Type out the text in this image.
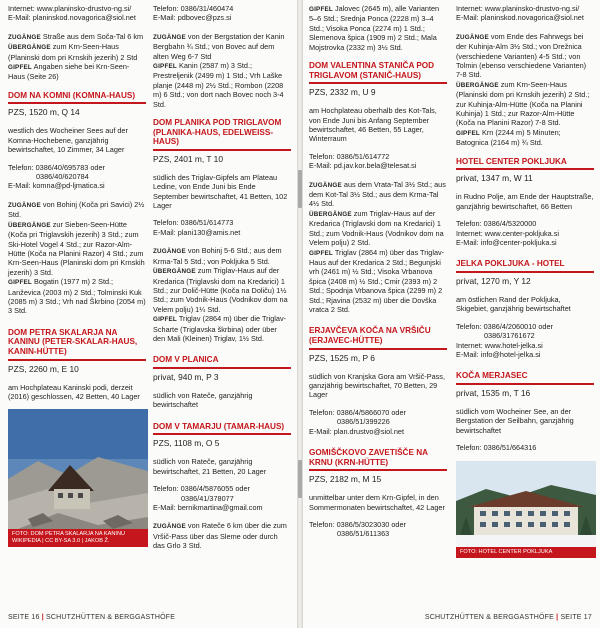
Internet: www.planinsko-drustvo-ng.si/

E-Mail: planinskod.novagorica@siol.net

ZUGÄNGE Straße aus dem Soča-Tal 6 km

ÜBERGÄNGE zum Krn-Seen-Haus (Planinski dom pri Krnskih jezerih) 2 Std

GIPFEL Angaben siehe bei Krn-Seen-Haus (Seite 26)

DOM NA KOMNI (KOMNA-HAUS)
PZS, 1520 m, Q 14

westlich des Wocheiner Sees auf der Komna-Hochebene, ganzjährig bewirtschaftet, 10 Zimmer, 34 Lager

Telefon: 0386/40/695783 oder

0386/40/620784

E-Mail: komna@pd-ljmatica.si

ZUGÄNGE von Bohinj (Koča pri Savici) 2½ Std.

ÜBERGÄNGE zur Sieben-Seen-Hütte (Koča pri Triglavskih jezerih) 3 Std.; zum Ski-Hotel Vogel 4 Std.; zur Razor-Alm-Hütte (Koča na Planini Razor) 4 Std.; zum Krn-Seen-Haus (Planinski dom pri Krnskih jezerih) 3 Std.

GIPFEL Bogatin (1977 m) 2 Std.; Lanževica (2003 m) 2 Std.; Tolminski Kuk (2085 m) 3 Std.; Vrh nad Škrbino (2054 m) 3 Std.

DOM PETRA SKALARJA NA KANINU (PETER-SKALAR-HAUS, KANIN-HÜTTE)
PZS, 2260 m, E 10

am Hochplateau Kaninski podi, derzeit (2016) geschlossen, 42 Betten, 40 Lager

FOTO: DOM PETRA SKALARJA NA KANINU WIKIPEDIA | CC BY-SA 3.0 | JAKOB Ž.

Telefon: 0386/31/460474

E-Mail: pdbovec@pzs.si

ZUGÄNGE von der Bergstation der Kanin Bergbahn ¾ Std.; von Bovec auf dem alten Weg 6-7 Std

GIPFEL Kanin (2587 m) 3 Std.; Prestreljenik (2499 m) 1 Std.; Vrh Laške planje (2448 m) 2½ Std.; Rombon (2208 m) 6 Std.; von dort nach Bovec noch 3-4 Std.

DOM PLANIKA POD TRIGLAVOM (PLANIKA-HAUS, EDELWEISS-HAUS)
PZS, 2401 m, T 10

südlich des Triglav-Gipfels am Plateau Ledine, von Ende Juni bis Ende September bewirtschaftet, 41 Betten, 102 Lager

Telefon: 0386/51/614773

E-Mail: plani130@amis.net

ZUGÄNGE von Bohinj 5-6 Std.; aus dem Krma-Tal 5 Std.; von Pokljuka 5 Std.

ÜBERGÄNGE zum Triglav-Haus auf der Kredarica (Triglavski dom na Kredarici) 1 Std.; zur Dolič-Hütte (Koča na Doliču) 1½ Std.; zum Vodnik-Haus (Vodnikov dom na Velem polju) 1¼ Std.

GIPFEL Triglav (2864 m) über die Triglav-Scharte (Triglavska škrbina) oder über den Mali (Kleinen) Triglav, 1½ Std.

DOM V PLANICA
privat, 940 m, P 3

südlich von Rateče, ganzjährig bewirtschaftet

DOM V TAMARJU (TAMAR-HAUS)
PZS, 1108 m, O 5

südlich von Rateče, ganzjährig bewirtschaftet, 21 Betten, 20 Lager

Telefon: 0386/4/5876055 oder

0386/41/378077

E-Mail: bernikmartina@gmail.com

ZUGÄNGE von Rateče 6 km über die zum Vršič-Pass über das Sleme oder durch das Grlo 3 Std.

SEITE 16 | SCHUTZHÜTTEN & BERGGASTHÖFE

GIPFEL Jalovec (2645 m), alle Varianten 5–6 Std.; Srednja Ponca (2228 m) 3–4 Std.; Visoka Ponca (2274 m) 1 Std.; Slemenova špica (1909 m) 2 Std.; Mala Mojstrovka (2332 m) 3½ Std.

DOM VALENTINA STANIČA POD TRIGLAVOM (STANIČ-HAUS)
PZS, 2332 m, U 9

am Hochplateau oberhalb des Kot-Tals, von Ende Juni bis Anfang September bewirtschaftet, 46 Betten, 55 Lager, Winterraum

Telefon: 0386/51/614772

E-Mail: pd.jav.kor.bela@telesat.si

ZUGÄNGE aus dem Vrata-Tal 3½ Std.; aus dem Kot-Tal 3½ Std.; aus dem Krma-Tal 4½ Std.

ÜBERGÄNGE zum Triglav-Haus auf der Kredarica (Triglavski dom na Kredarici) 1 Std.; zum Vodnik-Haus (Vodnikov dom na Velem polju) 2 Std.

GIPFEL Triglav (2864 m) über das Triglav-Haus auf der Kredarica 2 Std.; Begunjski vrh (2461 m) ½ Std.; Visoka Vrbanova špica (2408 m) ½ Std.; Cmir (2393 m) 2 Std.; Spodnja Vrbanova špica (2299 m) 2 Std.; Rjavina (2532 m) über die Dovška vratca 2 Std.

ERJAVČEVA KOČA NA VRŠIČU (ERJAVEC-HÜTTE)
PZS, 1525 m, P 6

südlich von Kranjska Gora am Vršič-Pass, ganzjährig bewirtschaftet, 70 Betten, 29 Lager

Telefon: 0386/4/5866070 oder

0386/51/399226

E-Mail: plan.drustvo@siol.net

GOMIŠČKOVO ZAVETIŠČE NA KRNU (KRN-HÜTTE)
PZS, 2182 m, M 15

unmittelbar unter dem Krn-Gipfel, in den Sommermonaten bewirtschaftet, 42 Lager

Telefon: 0386/5/3023030 oder

0386/51/611363

Internet: www.planinsko-drustvo-ng.si/

E-Mail: planinskod.novagorica@siol.net

ZUGÄNGE vom Ende des Fahrwegs bei der Kuhinja-Alm 3½ Std.; von Drežnica (verschiedene Varianten) 4-5 Std.; von Tolmin (ebenso verschiedene Varianten) 7-8 Std.

ÜBERGÄNGE zum Krn-Seen-Haus (Planinski dom pri Krnskih jezerih) 2 Std.; zur Kuhinja-Alm-Hütte (Koča na Planini Kuhinja) 1 Std.; zur Razor-Alm-Hütte (Koča na Planini Razor) 7-8 Std.

GIPFEL Krn (2244 m) 5 Minuten; Batognica (2164 m) ¾ Std.

HOTEL CENTER POKLJUKA
privat, 1347 m, W 11

in Rudno Polje, am Ende der Hauptstraße, ganzjährig bewirtschaftet, 66 Betten

Telefon: 0386/4/5320000

Internet: www.center-pokljuka.si

E-Mail: info@center-pokljuka.si

JELKA POKLJUKA - HOTEL
privat, 1270 m, Y 12

am östlichen Rand der Pokljuka, Skigebiet, ganzjährig bewirtschaftet

Telefon: 0386/4/2060010 oder

0386/31761672

Internet: www.hotel-jelka.si

E-Mail: info@hotel-jelka.si

KOČA MERJASEC
privat, 1535 m, T 16

südlich vom Wocheiner See, an der Bergstation der Seilbahn, ganzjährig bewirtschaftet

Telefon: 0386/51/664316

FOTO: HOTEL CENTER POKLJUKA
SCHUTZHÜTTEN & BERGGASTHÖFE | SEITE 17
